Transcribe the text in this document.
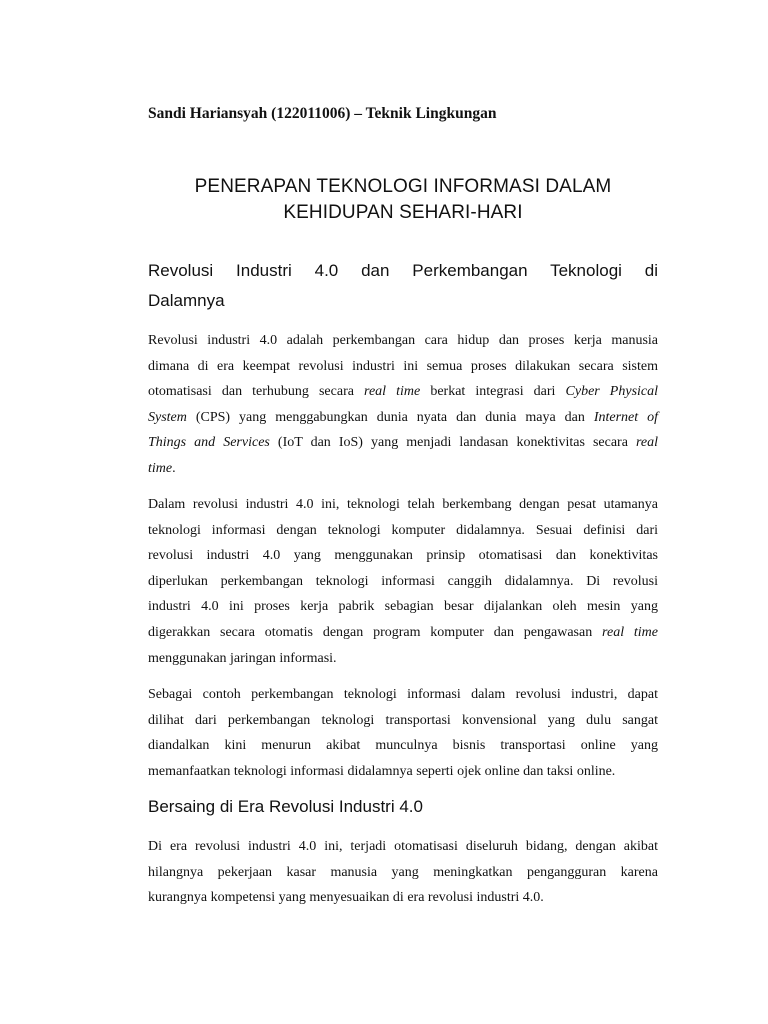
Sandi Hariansyah (122011006) – Teknik Lingkungan
PENERAPAN TEKNOLOGI INFORMASI DALAM
KEHIDUPAN SEHARI-HARI
Revolusi Industri 4.0 dan Perkembangan Teknologi di
Dalamnya
Revolusi industri 4.0 adalah perkembangan cara hidup dan proses kerja manusia
dimana di era keempat revolusi industri ini semua proses dilakukan secara sistem
otomatisasi dan terhubung secara real time berkat integrasi dari Cyber Physical
System (CPS) yang menggabungkan dunia nyata dan dunia maya dan Internet of
Things and Services (IoT dan IoS) yang menjadi landasan konektivitas secara real
time.
Dalam revolusi industri 4.0 ini, teknologi telah berkembang dengan pesat utamanya
teknologi informasi dengan teknologi komputer didalamnya. Sesuai definisi dari
revolusi industri 4.0 yang menggunakan prinsip otomatisasi dan konektivitas
diperlukan perkembangan teknologi informasi canggih didalamnya. Di revolusi
industri 4.0 ini proses kerja pabrik sebagian besar dijalankan oleh mesin yang
digerakkan secara otomatis dengan program komputer dan pengawasan real time
menggunakan jaringan informasi.
Sebagai contoh perkembangan teknologi informasi dalam revolusi industri, dapat
dilihat dari perkembangan teknologi transportasi konvensional yang dulu sangat
diandalkan kini menurun akibat munculnya bisnis transportasi online yang
memanfaatkan teknologi informasi didalamnya seperti ojek online dan taksi online.
Bersaing di Era Revolusi Industri 4.0
Di era revolusi industri 4.0 ini, terjadi otomatisasi diseluruh bidang, dengan akibat
hilangnya pekerjaan kasar manusia yang meningkatkan pengangguran karena
kurangnya kompetensi yang menyesuaikan di era revolusi industri 4.0.
